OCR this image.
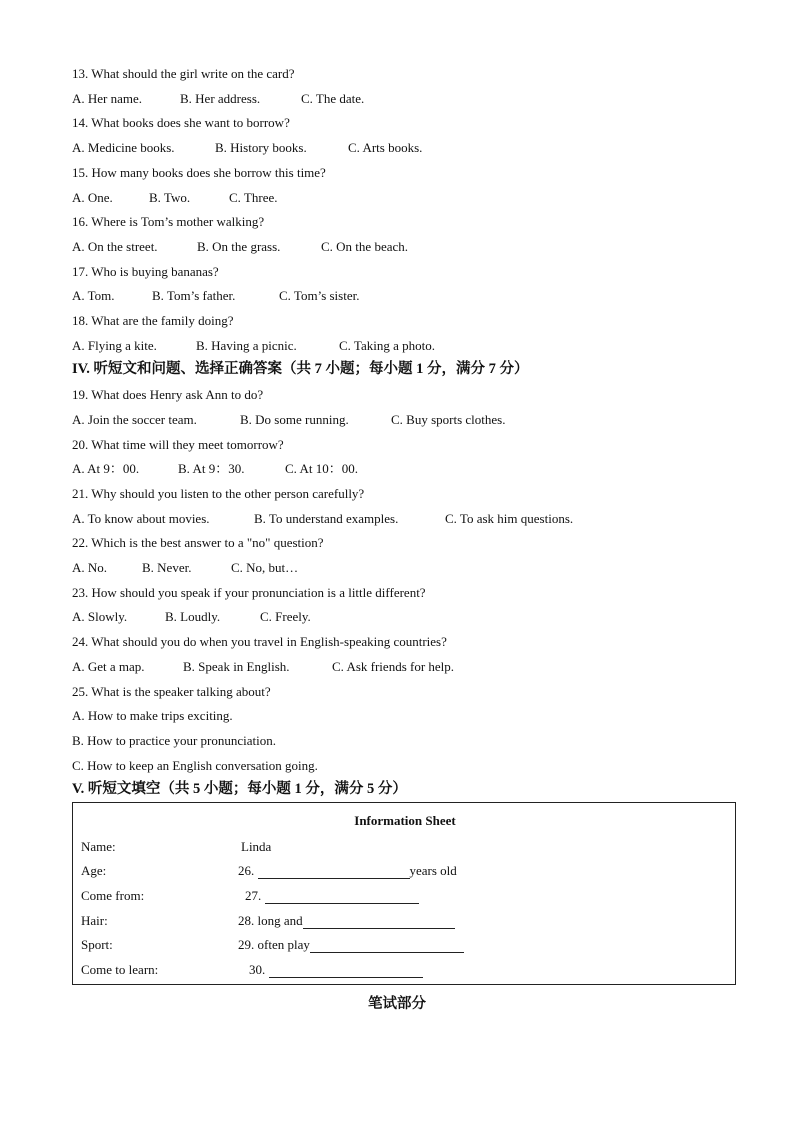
13. What should the girl write on the card?
A. Her name.	B. Her address.	C. The date.
14. What books does she want to borrow?
A. Medicine books.	B. History books.	C. Arts books.
15. How many books does she borrow this time?
A. One.	B. Two.	C. Three.
16. Where is Tom’s mother walking?
A. On the street.	B. On the grass.	C. On the beach.
17. Who is buying bananas?
A. Tom.	B. Tom’s father.	C. Tom’s sister.
18. What are the family doing?
A. Flying a kite.	B. Having a picnic.	C. Taking a photo.
IV. 听短文和问题、选择正确答案（共 7 小题；每小题 1 分，满分 7 分）
19. What does Henry ask Ann to do?
A. Join the soccer team.	B. Do some running.	C. Buy sports clothes.
20. What time will they meet tomorrow?
A. At 9：00.	B. At 9：30.	C. At 10：00.
21. Why should you listen to the other person carefully?
A. To know about movies.	B. To understand examples.	C. To ask him questions.
22. Which is the best answer to a "no" question?
A. No.	B. Never.	C. No, but…
23. How should you speak if your pronunciation is a little different?
A. Slowly.	B. Loudly.	C. Freely.
24. What should you do when you travel in English-speaking countries?
A. Get a map.	B. Speak in English.	C. Ask friends for help.
25. What is the speaker talking about?
A. How to make trips exciting.
B. How to practice your pronunciation.
C. How to keep an English conversation going.
V. 听短文填空（共 5 小题；每小题 1 分，满分 5 分）
Information Sheet
Name:	Linda
Age:	26.	years old
Come from:	27.
Hair:	28. long and
Sport:	29. often play
Come to learn:	30.
笔试部分
